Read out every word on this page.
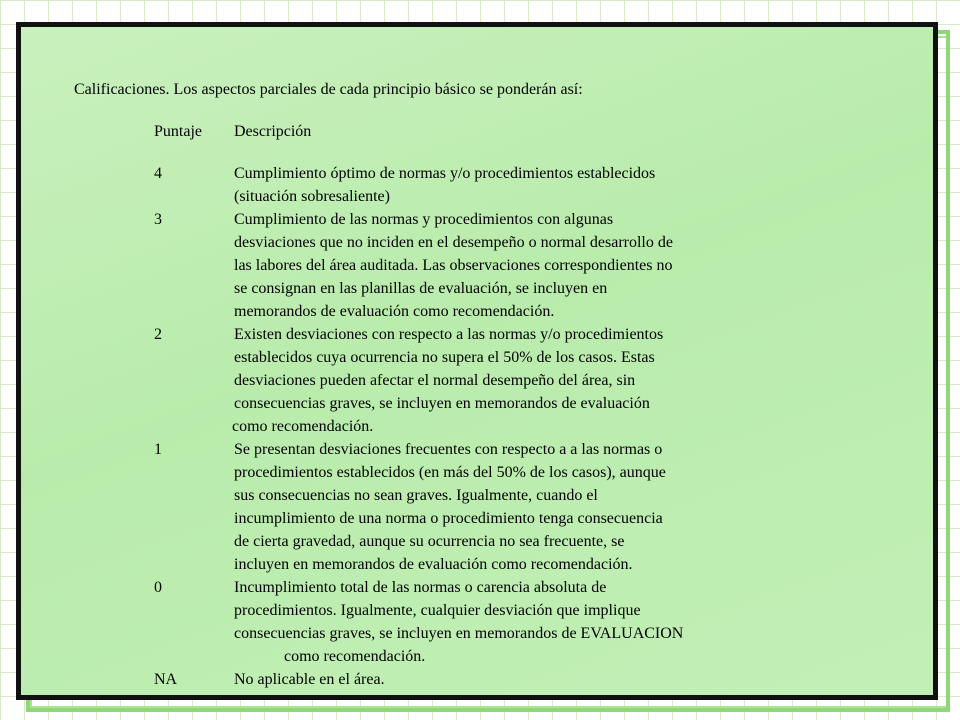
Calificaciones. Los aspectos parciales de cada principio básico se ponderán así:

Puntaje	Descripción
4	Cumplimiento óptimo de normas y/o procedimientos establecidos
(situación sobresaliente)
3	Cumplimiento de las normas y procedimientos con algunas
desviaciones que no inciden en el desempeño o normal desarrollo de
las labores del área auditada. Las observaciones correspondientes no
se consignan en las planillas de evaluación, se incluyen en
memorandos de evaluación como recomendación.
2	Existen desviaciones con respecto a las normas y/o procedimientos
establecidos cuya ocurrencia no supera el 50% de los casos. Estas
desviaciones pueden afectar el normal desempeño del área, sin
consecuencias graves, se incluyen en memorandos de evaluación
como recomendación.
1	Se presentan desviaciones frecuentes con respecto a a las normas o
procedimientos establecidos (en más del 50% de los casos), aunque
sus consecuencias no sean graves. Igualmente, cuando el
incumplimiento de una norma o procedimiento tenga consecuencia
de cierta gravedad, aunque su ocurrencia no sea frecuente, se
incluyen en memorandos de evaluación como recomendación.
0	Incumplimiento total de las normas o carencia absoluta de
procedimientos. Igualmente, cualquier desviación que implique
consecuencias graves, se incluyen en memorandos de EVALUACION
como recomendación.
NA	No aplicable en el área.
